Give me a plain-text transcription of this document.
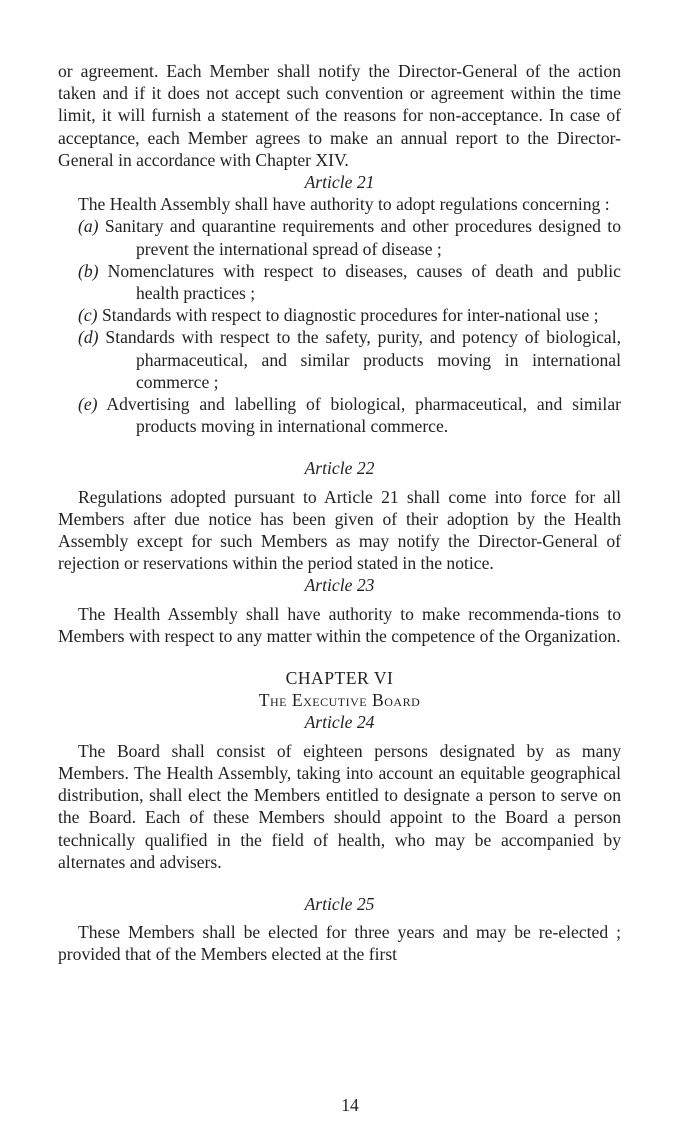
or agreement. Each Member shall notify the Director-General of the action taken and if it does not accept such convention or agreement within the time limit, it will furnish a statement of the reasons for non-acceptance. In case of acceptance, each Member agrees to make an annual report to the Director-General in accordance with Chapter XIV.

Article 21

The Health Assembly shall have authority to adopt regulations concerning :

(a) Sanitary and quarantine requirements and other procedures designed to prevent the international spread of disease ;
(b) Nomenclatures with respect to diseases, causes of death and public health practices ;
(c) Standards with respect to diagnostic procedures for inter-national use ;
(d) Standards with respect to the safety, purity, and potency of biological, pharmaceutical, and similar products moving in international commerce ;
(e) Advertising and labelling of biological, pharmaceutical, and similar products moving in international commerce.

Article 22

Regulations adopted pursuant to Article 21 shall come into force for all Members after due notice has been given of their adoption by the Health Assembly except for such Members as may notify the Director-General of rejection or reservations within the period stated in the notice.

Article 23

The Health Assembly shall have authority to make recommenda-tions to Members with respect to any matter within the competence of the Organization.

CHAPTER VI

The Executive Board

Article 24

The Board shall consist of eighteen persons designated by as many Members. The Health Assembly, taking into account an equitable geographical distribution, shall elect the Members entitled to designate a person to serve on the Board. Each of these Members should appoint to the Board a person technically qualified in the field of health, who may be accompanied by alternates and advisers.

Article 25

These Members shall be elected for three years and may be re-elected ; provided that of the Members elected at the first

14
